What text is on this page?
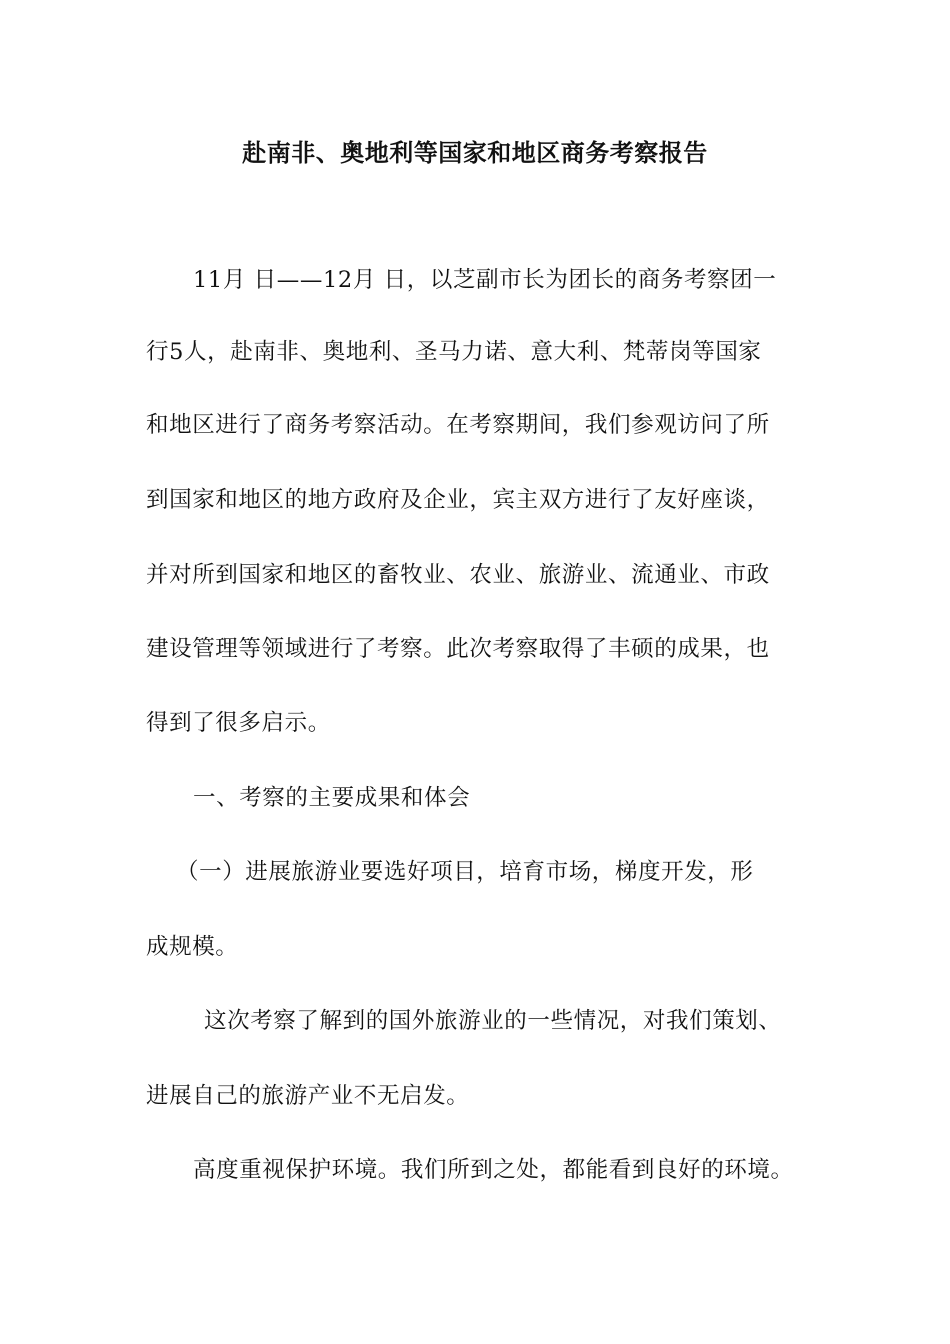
赴南非、奥地利等国家和地区商务考察报告
11月 日——12月 日，以芝副市长为团长的商务考察团一
行5人，赴南非、奥地利、圣马力诺、意大利、梵蒂岗等国家
和地区进行了商务考察活动。在考察期间，我们参观访问了所
到国家和地区的地方政府及企业，宾主双方进行了友好座谈，
并对所到国家和地区的畜牧业、农业、旅游业、流通业、市政
建设管理等领域进行了考察。此次考察取得了丰硕的成果，也
得到了很多启示。
一、考察的主要成果和体会
（一）进展旅游业要选好项目，培育市场，梯度开发，形
成规模。
这次考察了解到的国外旅游业的一些情况，对我们策划、
进展自己的旅游产业不无启发。
高度重视保护环境。我们所到之处，都能看到良好的环境。
